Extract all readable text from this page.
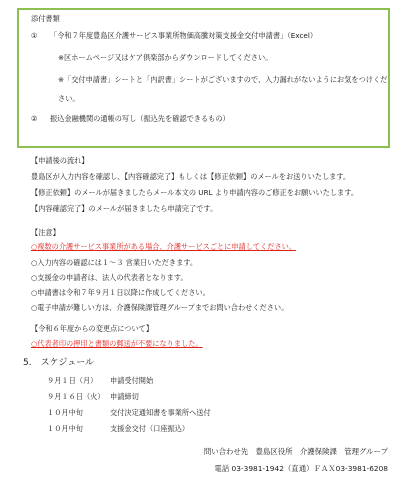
添付書類
① 「令和７年度豊島区介護サービス事業所物価高騰対策支援金交付申請書」（Excel）
※区ホームページ又はケア倶楽部からダウンロードしてください。
※「交付申請書」シートと「内訳書」シートがございますので、入力漏れがないようにお気をつけくだ
さい。
② 振込金融機関の通帳の写し（振込先を確認できるもの）
【申請後の流れ】
豊島区が入力内容を確認し、【内容確認完了】もしくは【修正依頼】のメールをお送りいたします。
【修正依頼】のメールが届きましたらメール本文の URL より申請内容のご修正をお願いいたします。
【内容確認完了】のメールが届きましたら申請完了です。
【注意】
○複数の介護サービス事業所がある場合、介護サービスごとに申請してください。
○入力内容の確認には１～３ 営業日いただきます。
○支援金の申請者は、法人の代表者となります。
○申請書は令和７年９月１日以降に作成してください。
○電子申請が難しい方は、介護保険課管理グループまでお問い合わせください。
【令和６年度からの変更点について】
○代表者印の押印と書類の郵送が不要になりました。
5.　スケジュール
９月１日（月） 申請受付開始
９月１６日（火） 申請締切
１０月中旬	交付決定通知書を事業所へ送付
１０月中旬	支援金交付（口座振込）
問い合わせ先　豊島区役所　介護保険課　管理グループ
電話 03-3981-1942（直通）ＦＡＸ03-3981-6208
